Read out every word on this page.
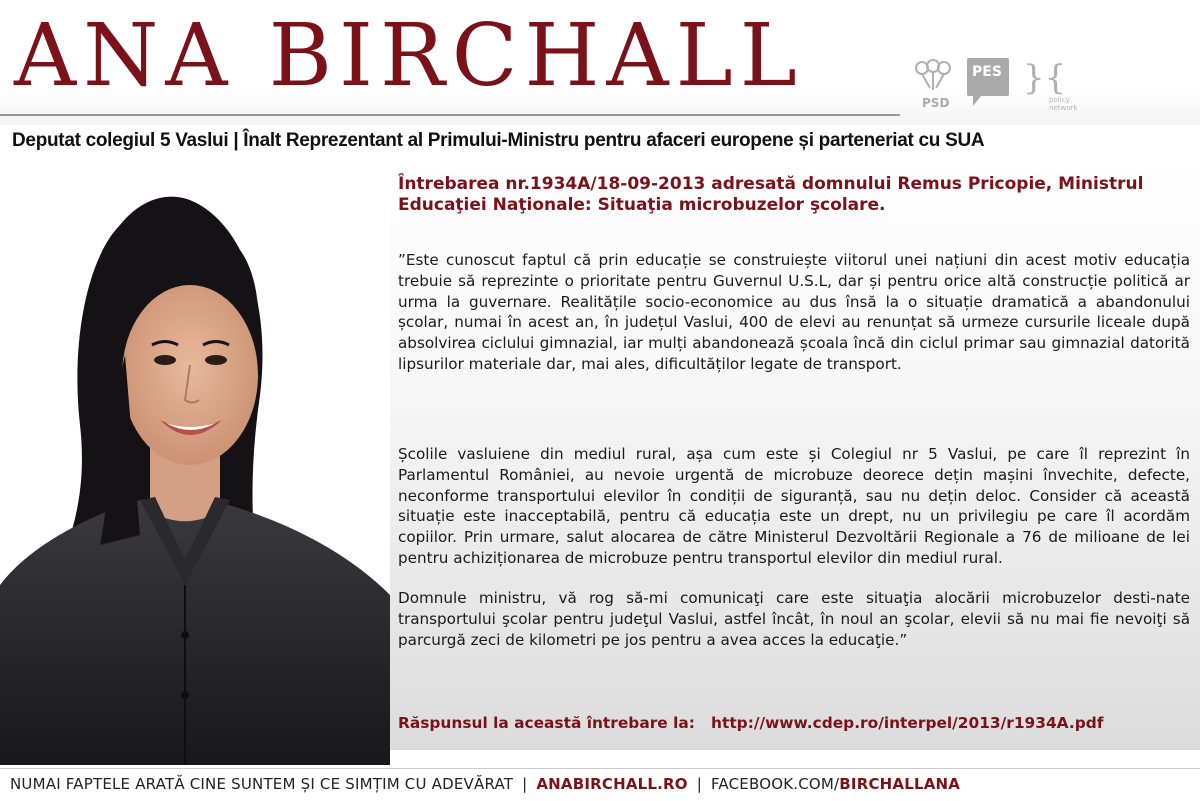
ANA BIRCHALL	PSD
PES }{
policy network
Deputat colegiul 5 Vaslui | Înalt Reprezentant al Primului-Ministru pentru afaceri europene și parteneriat cu SUA
Întrebarea nr.1934A/18-09-2013 adresată domnului Remus Pricopie, Ministrul Educaţiei Naţionale: Situaţia microbuzelor şcolare.
”Este cunoscut faptul că prin educație se construiește viitorul unei națiuni din acest motiv educația trebuie să reprezinte o prioritate pentru Guvernul U.S.L, dar și pentru orice altă construcție politică ar urma la guvernare. Realitățile socio-economice au dus însă la o situație dramatică a abandonului școlar, numai în acest an, în județul Vaslui, 400 de elevi au renunțat să urmeze cursurile liceale după absolvirea ciclului gimnazial, iar mulți abandonează școala încă din ciclul primar sau gimnazial datorită lipsurilor materiale dar, mai ales, dificultăților legate de transport.
Școlile vasluiene din mediul rural, așa cum este și Colegiul nr 5 Vaslui, pe care îl reprezint în Parlamentul României, au nevoie urgentă de microbuze deorece dețin mașini învechite, defecte, neconforme transportului elevilor în condiții de siguranță, sau nu dețin deloc. Consider că această situație este inacceptabilă, pentru că educația este un drept, nu un privilegiu pe care îl acordăm copiilor. Prin urmare, salut alocarea de către Ministerul Dezvoltării Regionale a 76 de milioane de lei pentru achiziționarea de microbuze pentru transportul elevilor din mediul rural.
Domnule ministru, vă rog să-mi comunicaţi care este situaţia alocării microbuzelor desti-nate transportului şcolar pentru judeţul Vaslui, astfel încât, în noul an şcolar, elevii să nu mai fie nevoiţi să parcurgă zeci de kilometri pe jos pentru a avea acces la educaţie.”
Răspunsul la această întrebare la: http://www.cdep.ro/interpel/2013/r1934A.pdf
NUMAI FAPTELE ARATĂ CINE SUNTEM ȘI CE SIMȚIM CU ADEVĂRAT | ANABIRCHALL.RO | FACEBOOK.COM/BIRCHALLANA
